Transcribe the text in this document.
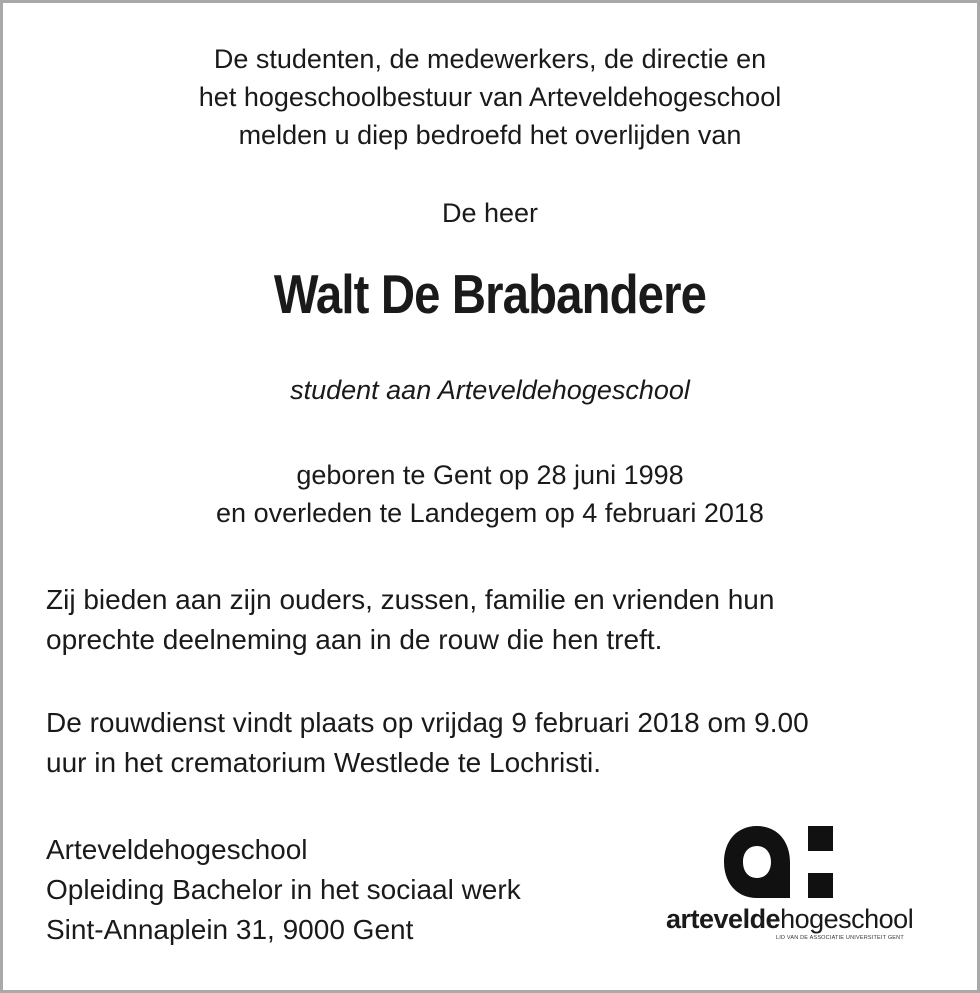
De studenten, de medewerkers, de directie en
het hogeschoolbestuur van Arteveldehogeschool
melden u diep bedroefd het overlijden van
De heer
Walt De Brabandere
student aan Arteveldehogeschool
geboren te Gent op 28 juni 1998
en overleden te Landegem op 4 februari 2018
Zij bieden aan zijn ouders, zussen, familie en vrienden hun
oprechte deelneming aan in de rouw die hen treft.
De rouwdienst vindt plaats op vrijdag 9 februari 2018 om 9.00
uur in het crematorium Westlede te Lochristi.
Arteveldehogeschool
Opleiding Bachelor in het sociaal werk
Sint-Annaplein 31, 9000 Gent	arteveldehogeschool
LID VAN DE ASSOCIATIE UNIVERSITEIT GENT
